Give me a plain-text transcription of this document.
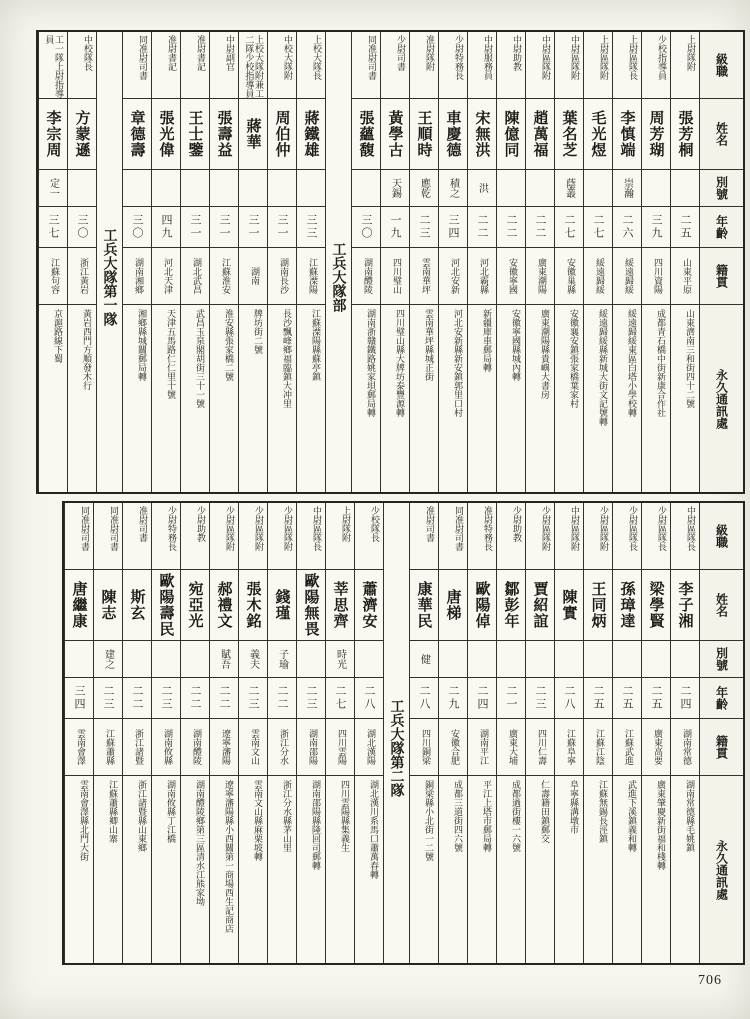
級職
姓名
別號
年齡
籍貫
永久通訊處
上尉隊附
張芳桐
二五
山東平原
山東濟南三和街四十二號
少校指導員
周芳瑚
三九
四川資陽
成都青石橋中街新康合作社
上尉區隊長
李慎端
崇瀚
二六
綏遠歸綏
綏遠歸綏東區白塔小學校轉
上尉區隊附
毛光煜
二七
綏遠歸綏
綏遠歸綏縣新城大街文記號轉
中尉區隊附
葉名芝
蔭叢
二七
安徽巢縣
安徽襄安鎮張家橋葉家村
中尉區隊附
趙萬福
二二
廣東潮陽
廣東潮陽縣貴嶼大書房
中尉助教
陳億同
二二
安徽寧國
安徽寧國縣城內轉
中尉服務員
宋無洪
洪
二二
河北霸縣
新疆庫車郵局轉
少尉特務長
車慶德
積之
三四
河北安新
河北安新縣新安鎮郭里口村
准尉隊附
王順時
應乾
二三
雲南華坪
雲南華坪縣城正街
少尉司書
黃學古
天錫
一九
四川璧山
四川璧山縣大牌坊泰豐源轉
同准尉司書
張蘊馥
三〇
湖南醴陵
湖南浙贛鐵路姚家垻郵局轉
工兵大隊部
上校大隊長
蔣鐵雄
三三
江蘇溧陽
江蘇溧陽縣蘇亭鎮
中校大隊附
周伯仲
三一
湖南長沙
長沙飄峰鄉福臨鎮大冲里
上校大隊附兼工二隊少校指導員
蔣華
三一
湖南
牌坊街二號
中尉副官
張壽益
三一
江蘇淮安
淮安縣張家橋二號
准尉書記
王士鑒
三一
湖北武昌
武昌玉泉閣胡街三十一號
准尉書記
張光偉
四九
河北天津
天津五馬路仁仁里十號
同准尉司書
章德壽
三〇
湖南湘鄉
湘鄉縣城關郵局轉
工兵大隊第一隊
中校隊長
方蒙遜
三〇
浙江黃岩
黃岩西門方順發木行
工一隊上尉指導員
李宗周
定一
三七
江蘇句容
京滬路線下蜀
級職
姓名
別號
年齡
籍貫
永久通訊處
中尉區隊長
李子湘
二四
湖南常德
湖南常德縣毛姚鎮
少尉區隊長
梁學賢
二五
廣東高要
廣東肇慶新街福和棧轉
少尉區隊長
孫璋達
二五
江蘇武進
武進下溪鎮義和轉
少尉區隊附
王同炳
二五
江蘇江陰
江蘇無錫長涇鎮
中尉區隊附
陳實
二八
江蘇阜寧
阜寧縣溝墩市
少尉區隊附
賈紹誼
二三
四川仁壽
仁壽籍田鎮郵交
少尉助教
鄒彭年
二一
廣東大埔
成都過街樓一六號
准尉特務長
歐陽倬
二四
湖南平江
平江上塔市郵局轉
同准尉司書
唐梯
二九
安徽合肥
成都三道街四六號
准尉司書
康華民
健
二八
四川銅梁
銅梁縣小北街一二號
工兵大隊第二隊
少校隊長
蕭濟安
二八
湖北漢陽
湖北漢川系馬口蕭萬春轉
上尉隊附
莘思齊
時光
二七
四川雲陽
四川雲陽縣集義生
中尉區隊長
歐陽無畏
二三
湖南邵陽
湖南邵陽縣隆回司郵轉
少尉區隊附
錢瑾
子瑜
二二
浙江分水
浙江分水縣茅山里
少尉區隊附
張木銘
義夫
二三
雲南文山
雲南文山縣麻栗坡轉
少尉區隊附
郝禮文
賦吾
二二
遼寧瀋陽
遼寧瀋陽縣小西關第一商場西生記商店
少尉助教
宛亞光
二二
湖南醴陵
湖南醴陵鄉第三區清水江熊家坳
少尉特務長
歐陽壽民
二三
湖南攸縣
湖南攸縣丁江橋
准尉司書
斯玄
二二
浙江諸暨
浙江諸暨縣山東鄉
同准尉司書
陳志
建之
二三
江蘇蕭縣
江蘇蕭縣卿山寨
同准尉司書
唐繼康
三四
雲南會澤
雲南會澤縣北門大街
706
